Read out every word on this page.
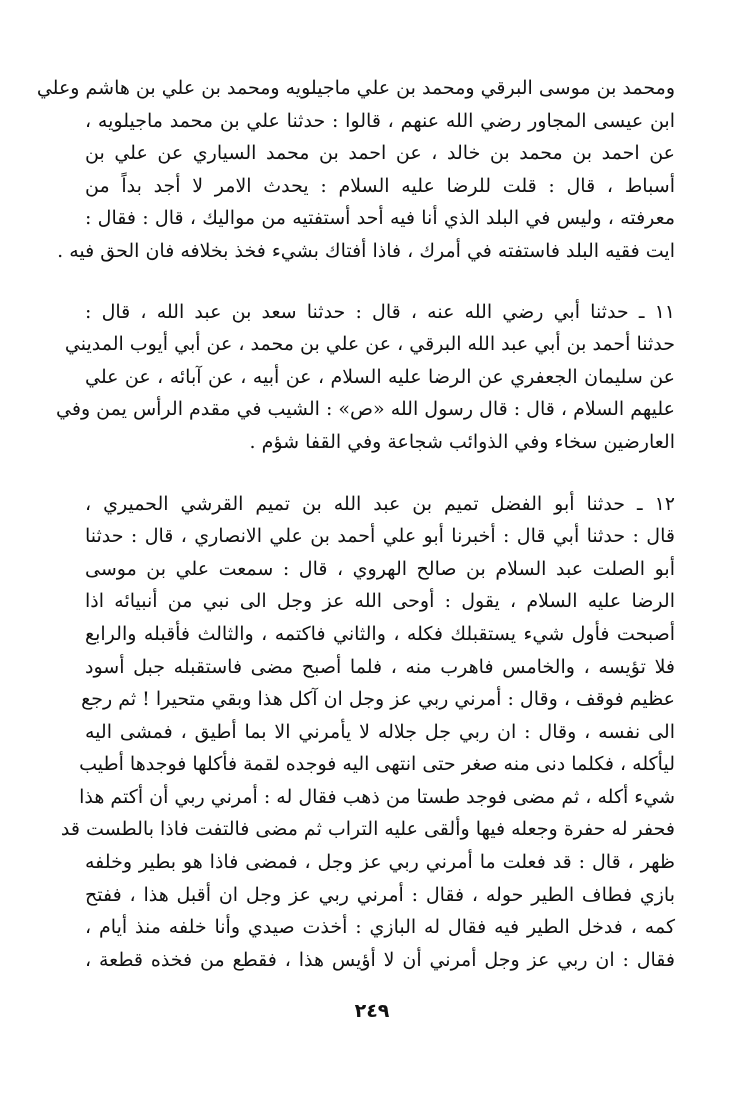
ومحمد بن موسى البرقي ومحمد بن علي ماجيلويه ومحمد بن علي بن هاشم وعلي
ابن عيسى المجاور رضي الله عنهم ، قالوا : حدثنا علي بن محمد ماجيلويه ،
عن احمد بن محمد بن خالد ، عن احمد بن محمد السياري عن علي بن
أسباط ، قال : قلت للرضا عليه السلام : يحدث الامر لا أجد بداً من
معرفته ، وليس في البلد الذي أنا فيه أحد أستفتيه من مواليك ، قال : فقال :
ايت فقيه البلد فاستفته في أمرك ، فاذا أفتاك بشيء فخذ بخلافه فان الحق فيه .
١١ ـ حدثنا أبي رضي الله عنه ، قال : حدثنا سعد بن عبد الله ، قال :
حدثنا أحمد بن أبي عبد الله البرقي ، عن علي بن محمد ، عن أبي أيوب المديني
عن سليمان الجعفري عن الرضا عليه السلام ، عن أبيه ، عن آبائه ، عن علي
عليهم السلام ، قال : قال رسول الله «ص» : الشيب في مقدم الرأس يمن وفي
العارضين سخاء وفي الذوائب شجاعة وفي القفا شؤم .
١٢ ـ حدثنا أبو الفضل تميم بن عبد الله بن تميم القرشي الحميري ،
قال : حدثنا أبي قال : أخبرنا أبو علي أحمد بن علي الانصاري ، قال : حدثنا
أبو الصلت عبد السلام بن صالح الهروي ، قال : سمعت علي بن موسى
الرضا عليه السلام ، يقول : أوحى الله عز وجل الى نبي من أنبيائه اذا
أصبحت فأول شيء يستقبلك فكله ، والثاني فاكتمه ، والثالث فأقبله والرابع
فلا تؤيسه ، والخامس فاهرب منه ، فلما أصبح مضى فاستقبله جبل أسود
عظيم فوقف ، وقال : أمرني ربي عز وجل ان آكل هذا وبقي متحيرا ! ثم رجع
الى نفسه ، وقال : ان ربي جل جلاله لا يأمرني الا بما أطيق ، فمشى اليه
ليأكله ، فكلما دنى منه صغر حتى انتهى اليه فوجده لقمة فأكلها فوجدها أطيب
شيء أكله ، ثم مضى فوجد طستا من ذهب فقال له : أمرني ربي أن أكتم هذا
فحفر له حفرة وجعله فيها وألقى عليه التراب ثم مضى فالتفت فاذا بالطست قد
ظهر ، قال : قد فعلت ما أمرني ربي عز وجل ، فمضى فاذا هو بطير وخلفه
بازي فطاف الطير حوله ، فقال : أمرني ربي عز وجل ان أقبل هذا ، ففتح
كمه ، فدخل الطير فيه فقال له البازي : أخذت صيدي وأنا خلفه منذ أيام ،
فقال : ان ربي عز وجل أمرني أن لا أؤيس هذا ، فقطع من فخذه قطعة ،
٢٤٩
